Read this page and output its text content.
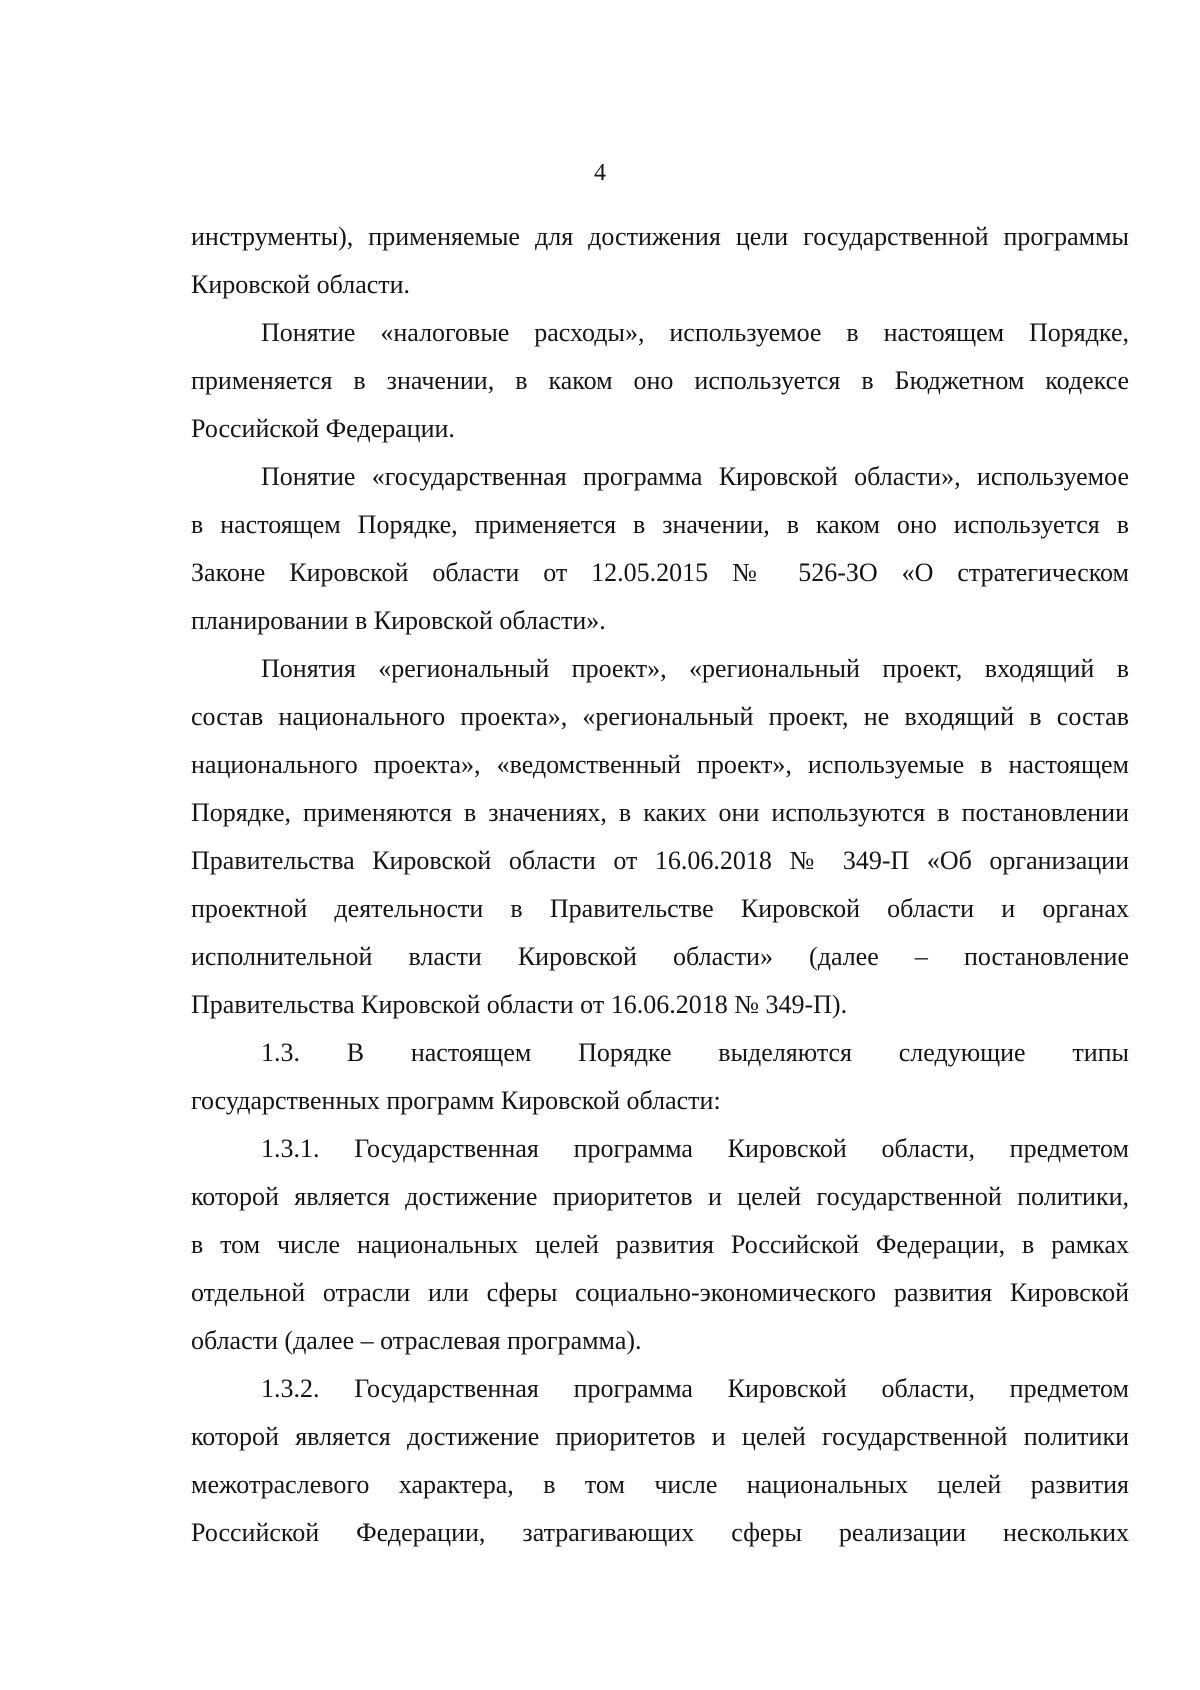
4
инструменты), применяемые для достижения цели государственной программы
Кировской области.
Понятие «налоговые расходы», используемое в настоящем Порядке,
применяется в значении, в каком оно используется в Бюджетном кодексе
Российской Федерации.
Понятие «государственная программа Кировской области», используемое
в настоящем Порядке, применяется в значении, в каком оно используется в
Законе Кировской области от 12.05.2015 № 526-ЗО «О стратегическом
планировании в Кировской области».
Понятия «региональный проект», «региональный проект, входящий в
состав национального проекта», «региональный проект, не входящий в состав
национального проекта», «ведомственный проект», используемые в настоящем
Порядке, применяются в значениях, в каких они используются в постановлении
Правительства Кировской области от 16.06.2018 № 349-П «Об организации
проектной деятельности в Правительстве Кировской области и органах
исполнительной власти Кировской области» (далее – постановление
Правительства Кировской области от 16.06.2018 № 349-П).
1.3. В настоящем Порядке выделяются следующие типы
государственных программ Кировской области:
1.3.1. Государственная программа Кировской области, предметом
которой является достижение приоритетов и целей государственной политики,
в том числе национальных целей развития Российской Федерации, в рамках
отдельной отрасли или сферы социально-экономического развития Кировской
области (далее – отраслевая программа).
1.3.2. Государственная программа Кировской области, предметом
которой является достижение приоритетов и целей государственной политики
межотраслевого характера, в том числе национальных целей развития
Российской Федерации, затрагивающих сферы реализации нескольких
